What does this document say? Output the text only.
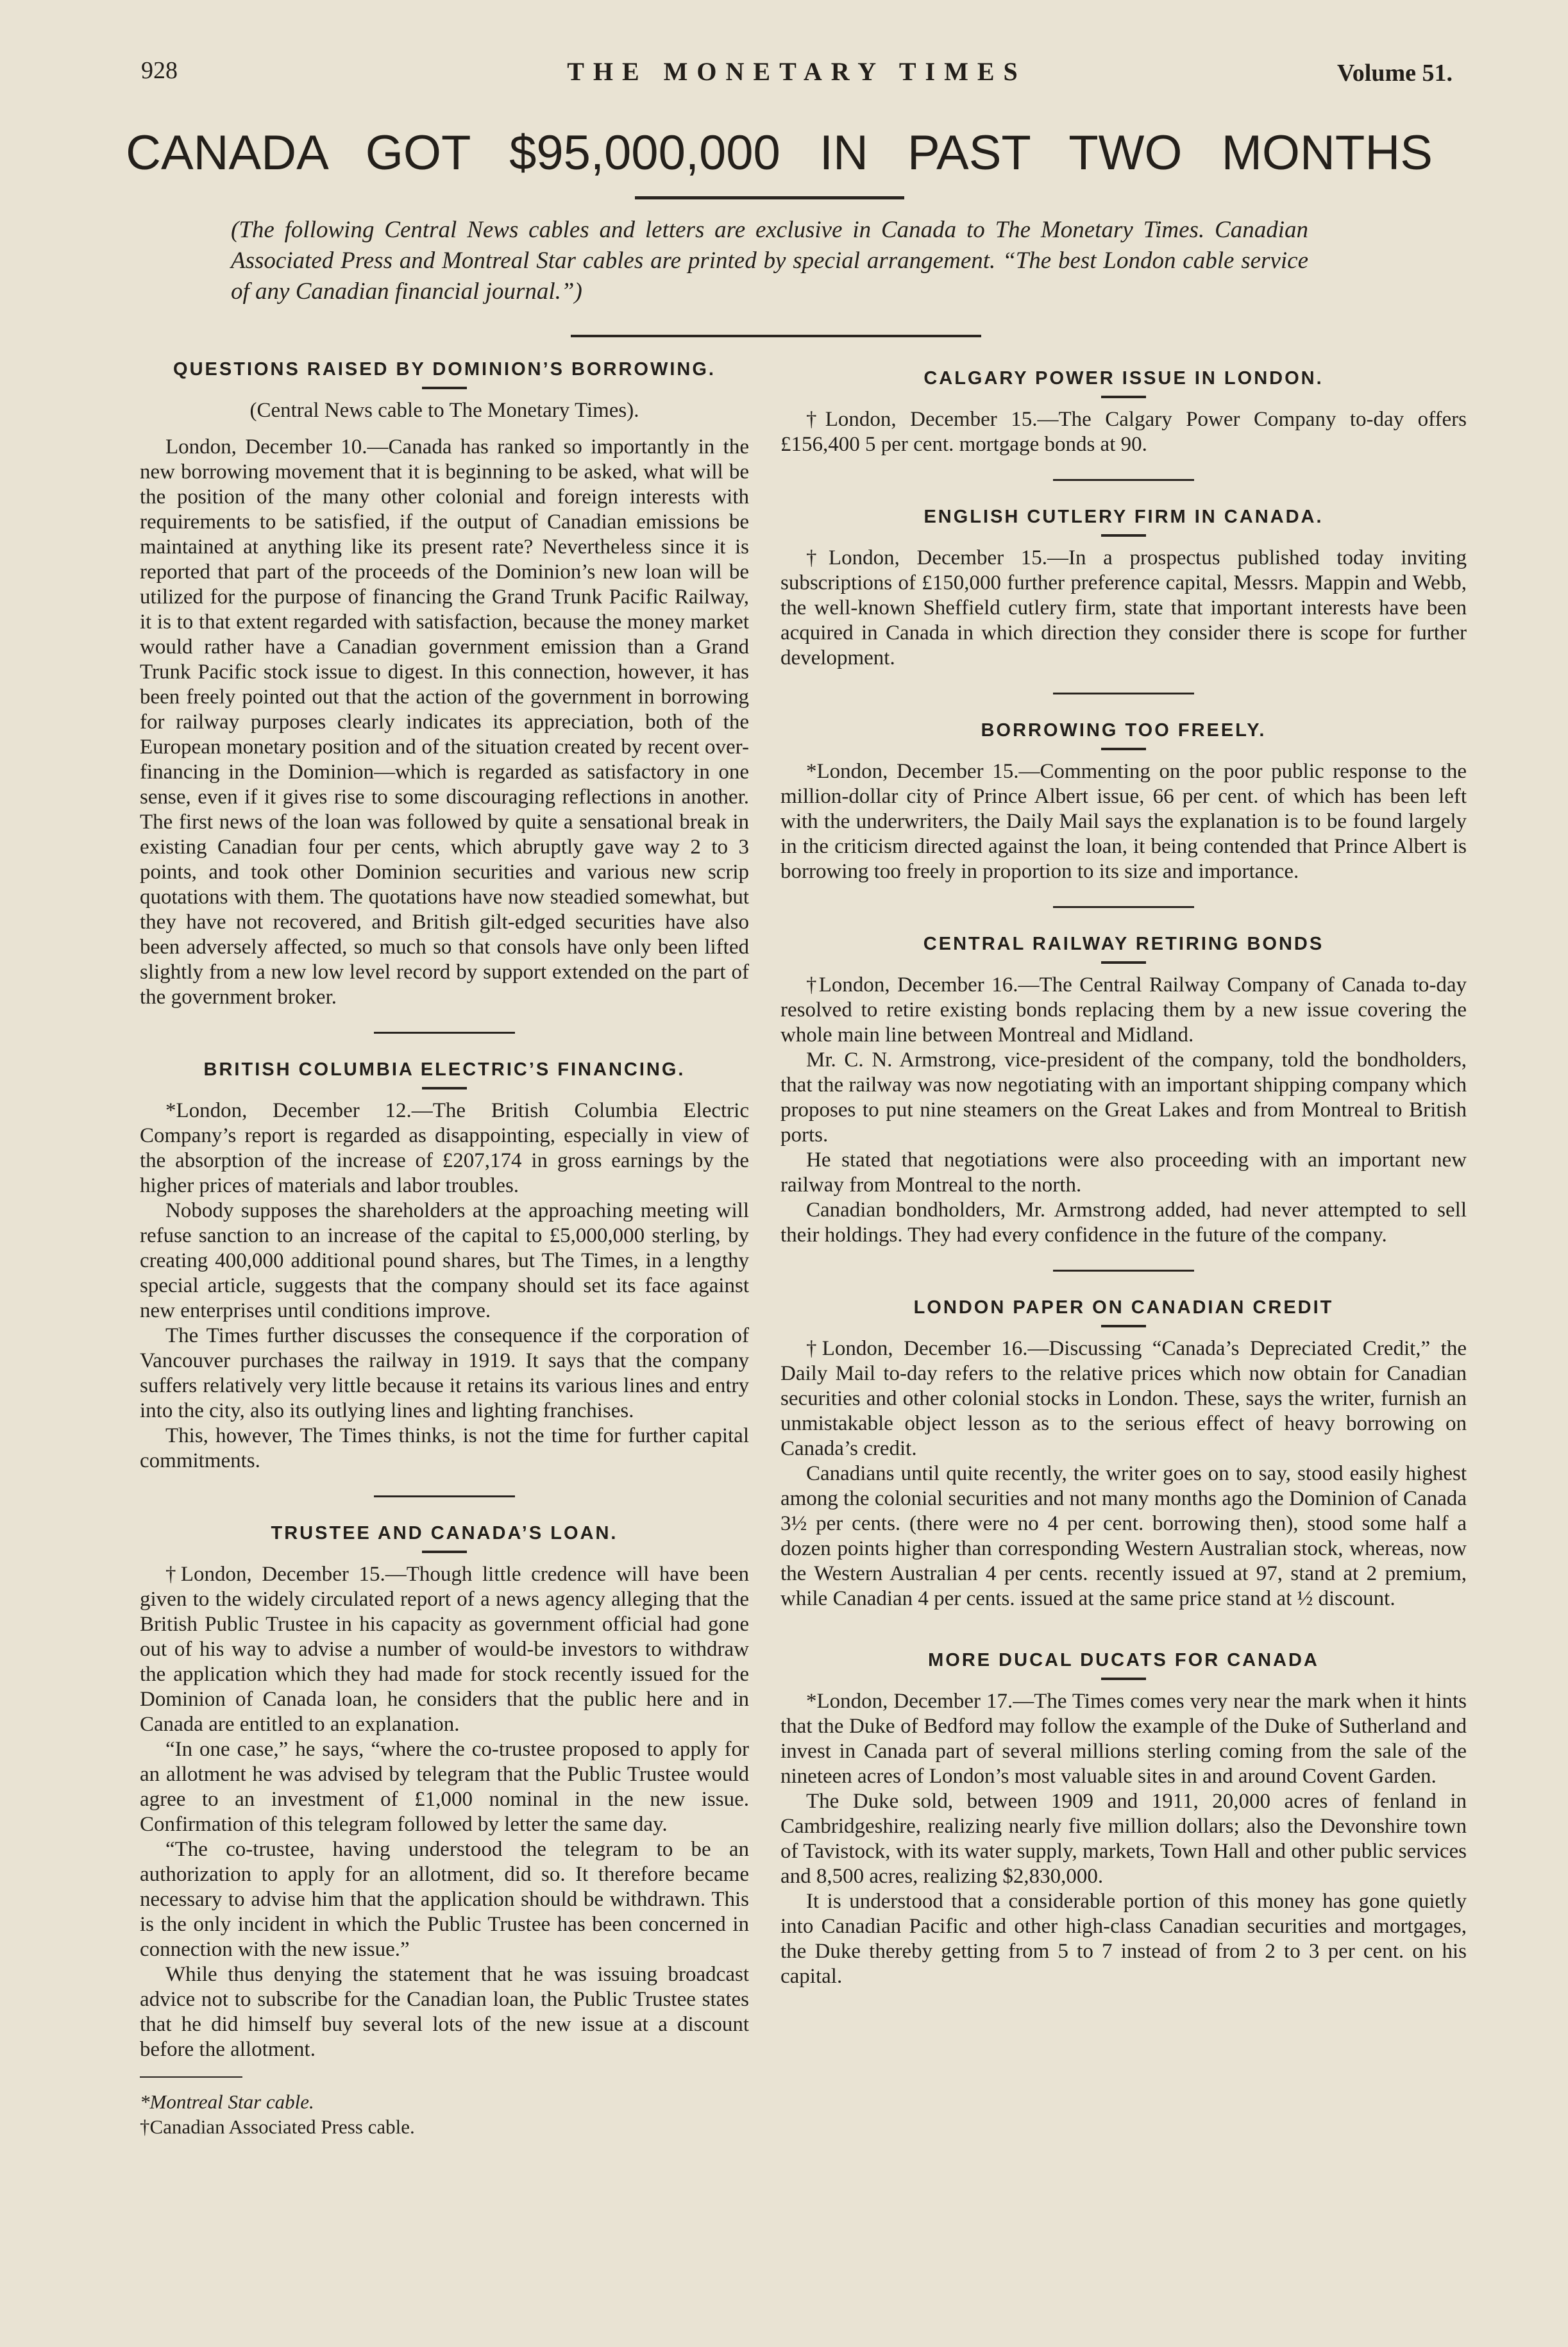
928	THE MONETARY TIMES	Volume 51.
CANADA GOT $95,000,000 IN PAST TWO MONTHS
(The following Central News cables and letters are exclusive in Canada to The Monetary Times. Canadian Associated Press and Montreal Star cables are printed by special arrangement. “The best London cable service of any Canadian financial journal.”)
QUESTIONS RAISED BY DOMINION’S BORROWING.

(Central News cable to The Monetary Times).

London, December 10.—Canada has ranked so importantly in the new borrowing movement that it is beginning to be asked, what will be the position of the many other colonial and foreign interests with requirements to be satisfied, if the output of Canadian emissions be maintained at anything like its present rate? Nevertheless since it is reported that part of the proceeds of the Dominion’s new loan will be utilized for the purpose of financing the Grand Trunk Pacific Railway, it is to that extent regarded with satisfaction, because the money market would rather have a Canadian government emission than a Grand Trunk Pacific stock issue to digest. In this connection, however, it has been freely pointed out that the action of the government in borrowing for railway purposes clearly indicates its appreciation, both of the European monetary position and of the situation created by recent over-financing in the Dominion—which is regarded as satisfactory in one sense, even if it gives rise to some discouraging reflections in another. The first news of the loan was followed by quite a sensational break in existing Canadian four per cents, which abruptly gave way 2 to 3 points, and took other Dominion securities and various new scrip quotations with them. The quotations have now steadied somewhat, but they have not recovered, and British gilt-edged securities have also been adversely affected, so much so that consols have only been lifted slightly from a new low level record by support extended on the part of the government broker.

BRITISH COLUMBIA ELECTRIC’S FINANCING.

*London, December 12.—The British Columbia Electric Company’s report is regarded as disappointing, especially in view of the absorption of the increase of £207,174 in gross earnings by the higher prices of materials and labor troubles.

Nobody supposes the shareholders at the approaching meeting will refuse sanction to an increase of the capital to £5,000,000 sterling, by creating 400,000 additional pound shares, but The Times, in a lengthy special article, suggests that the company should set its face against new enterprises until conditions improve.

The Times further discusses the consequence if the corporation of Vancouver purchases the railway in 1919. It says that the company suffers relatively very little because it retains its various lines and entry into the city, also its outlying lines and lighting franchises.

This, however, The Times thinks, is not the time for further capital commitments.

TRUSTEE AND CANADA’S LOAN.

†London, December 15.—Though little credence will have been given to the widely circulated report of a news agency alleging that the British Public Trustee in his capacity as government official had gone out of his way to advise a number of would-be investors to withdraw the application which they had made for stock recently issued for the Dominion of Canada loan, he considers that the public here and in Canada are entitled to an explanation.

“In one case,” he says, “where the co-trustee proposed to apply for an allotment he was advised by telegram that the Public Trustee would agree to an investment of £1,000 nominal in the new issue. Confirmation of this telegram followed by letter the same day.

“The co-trustee, having understood the telegram to be an authorization to apply for an allotment, did so. It therefore became necessary to advise him that the application should be withdrawn. This is the only incident in which the Public Trustee has been concerned in connection with the new issue.”

While thus denying the statement that he was issuing broadcast advice not to subscribe for the Canadian loan, the Public Trustee states that he did himself buy several lots of the new issue at a discount before the allotment.

*Montreal Star cable.

†Canadian Associated Press cable.

CALGARY POWER ISSUE IN LONDON.

†London, December 15.—The Calgary Power Company to-day offers £156,400 5 per cent. mortgage bonds at 90.

ENGLISH CUTLERY FIRM IN CANADA.

†London, December 15.—In a prospectus published today inviting subscriptions of £150,000 further preference capital, Messrs. Mappin and Webb, the well-known Sheffield cutlery firm, state that important interests have been acquired in Canada in which direction they consider there is scope for further development.

BORROWING TOO FREELY.

*London, December 15.—Commenting on the poor public response to the million-dollar city of Prince Albert issue, 66 per cent. of which has been left with the underwriters, the Daily Mail says the explanation is to be found largely in the criticism directed against the loan, it being contended that Prince Albert is borrowing too freely in proportion to its size and importance.

CENTRAL RAILWAY RETIRING BONDS

†London, December 16.—The Central Railway Company of Canada to-day resolved to retire existing bonds replacing them by a new issue covering the whole main line between Montreal and Midland.

Mr. C. N. Armstrong, vice-president of the company, told the bondholders, that the railway was now negotiating with an important shipping company which proposes to put nine steamers on the Great Lakes and from Montreal to British ports.

He stated that negotiations were also proceeding with an important new railway from Montreal to the north.

Canadian bondholders, Mr. Armstrong added, had never attempted to sell their holdings. They had every confidence in the future of the company.

LONDON PAPER ON CANADIAN CREDIT

†London, December 16.—Discussing “Canada’s Depreciated Credit,” the Daily Mail to-day refers to the relative prices which now obtain for Canadian securities and other colonial stocks in London. These, says the writer, furnish an unmistakable object lesson as to the serious effect of heavy borrowing on Canada’s credit.

Canadians until quite recently, the writer goes on to say, stood easily highest among the colonial securities and not many months ago the Dominion of Canada 3½ per cents. (there were no 4 per cent. borrowing then), stood some half a dozen points higher than corresponding Western Australian stock, whereas, now the Western Australian 4 per cents. recently issued at 97, stand at 2 premium, while Canadian 4 per cents. issued at the same price stand at ½ discount.

MORE DUCAL DUCATS FOR CANADA

*London, December 17.—The Times comes very near the mark when it hints that the Duke of Bedford may follow the example of the Duke of Sutherland and invest in Canada part of several millions sterling coming from the sale of the nineteen acres of London’s most valuable sites in and around Covent Garden.

The Duke sold, between 1909 and 1911, 20,000 acres of fenland in Cambridgeshire, realizing nearly five million dollars; also the Devonshire town of Tavistock, with its water supply, markets, Town Hall and other public services and 8,500 acres, realizing $2,830,000.

It is understood that a considerable portion of this money has gone quietly into Canadian Pacific and other high-class Canadian securities and mortgages, the Duke thereby getting from 5 to 7 instead of from 2 to 3 per cent. on his capital.
